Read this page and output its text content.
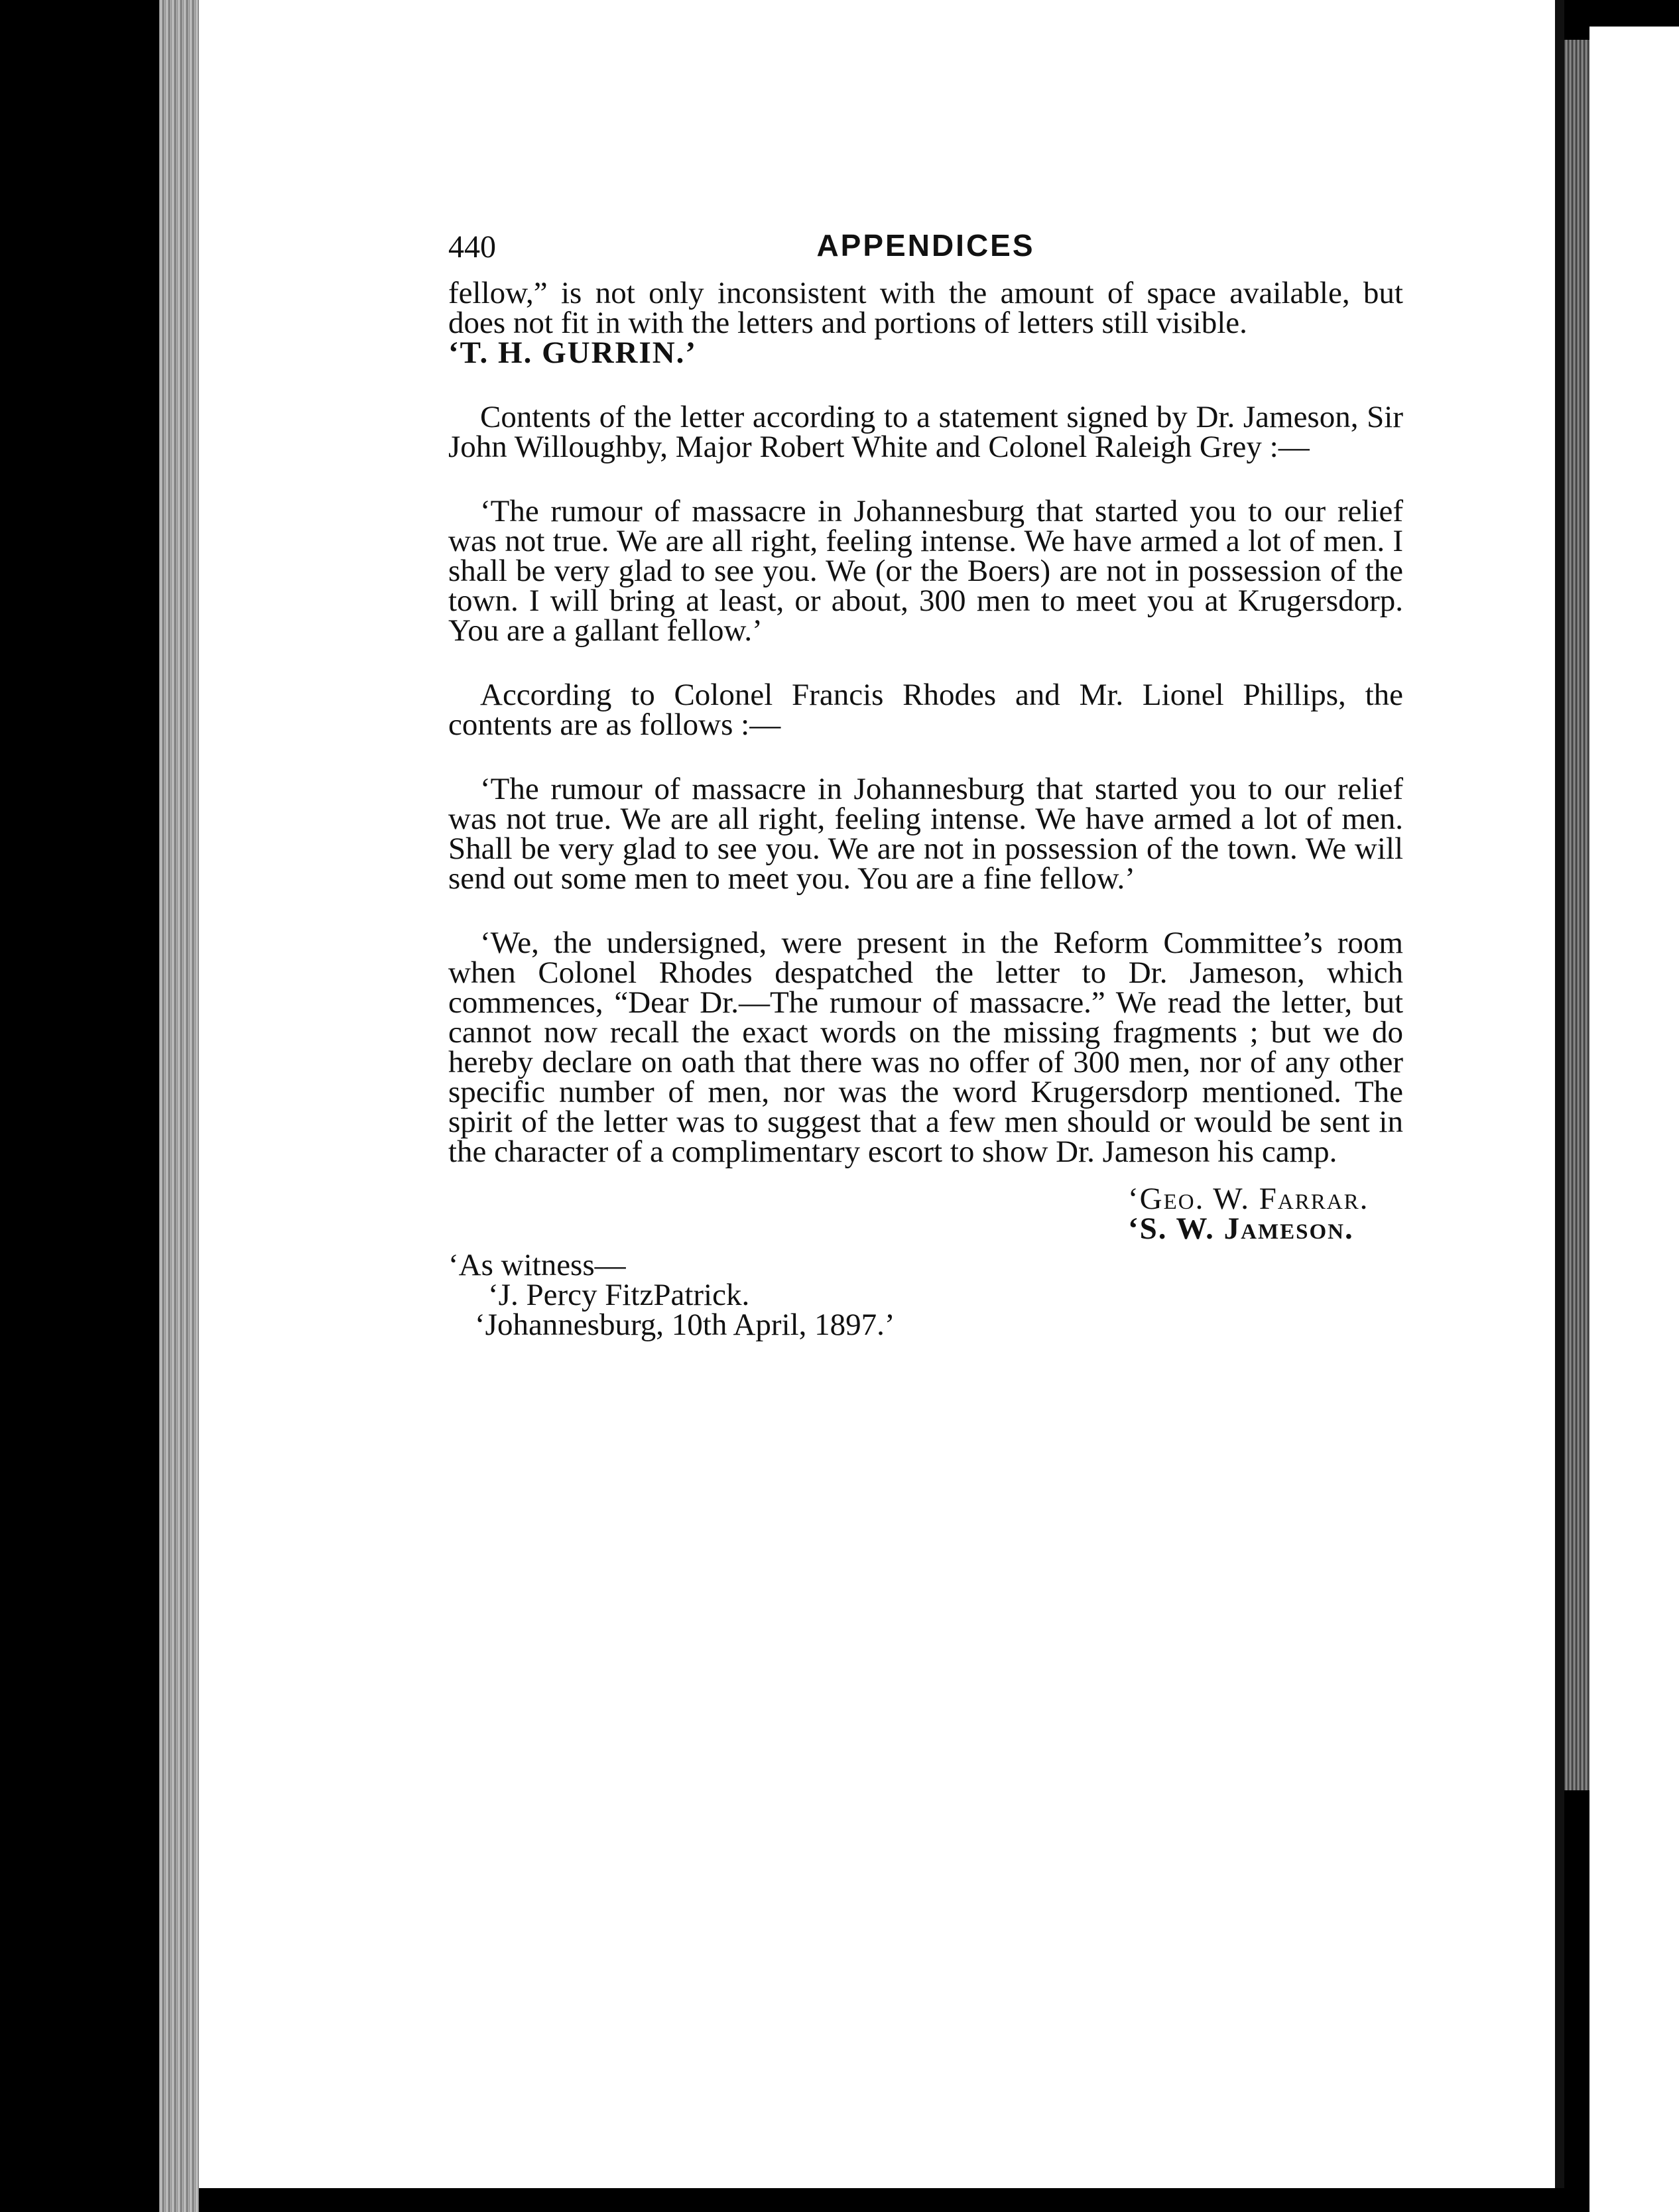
440	APPENDICES

fellow,” is not only inconsistent with the amount of space available, but does not fit in with the letters and portions of letters still visible.

‘T. H. GURRIN.’

Contents of the letter according to a statement signed by Dr. Jameson, Sir John Willoughby, Major Robert White and Colonel Raleigh Grey :—

‘The rumour of massacre in Johannesburg that started you to our relief was not true. We are all right, feeling intense. We have armed a lot of men. I shall be very glad to see you. We (or the Boers) are not in possession of the town. I will bring at least, or about, 300 men to meet you at Krugersdorp. You are a gallant fellow.’

According to Colonel Francis Rhodes and Mr. Lionel Phillips, the contents are as follows :—

‘The rumour of massacre in Johannesburg that started you to our relief was not true. We are all right, feeling intense. We have armed a lot of men. Shall be very glad to see you. We are not in possession of the town. We will send out some men to meet you. You are a fine fellow.’

‘We, the undersigned, were present in the Reform Committee’s room when Colonel Rhodes despatched the letter to Dr. Jameson, which commences, “Dear Dr.—The rumour of massacre.” We read the letter, but cannot now recall the exact words on the missing fragments ; but we do hereby declare on oath that there was no offer of 300 men, nor of any other specific number of men, nor was the word Krugersdorp mentioned. The spirit of the letter was to suggest that a few men should or would be sent in the character of a complimentary escort to show Dr. Jameson his camp.

‘Geo. W. Farrar.

‘S. W. Jameson.

‘As witness—

‘J. Percy FitzPatrick.

‘Johannesburg, 10th April, 1897.’
